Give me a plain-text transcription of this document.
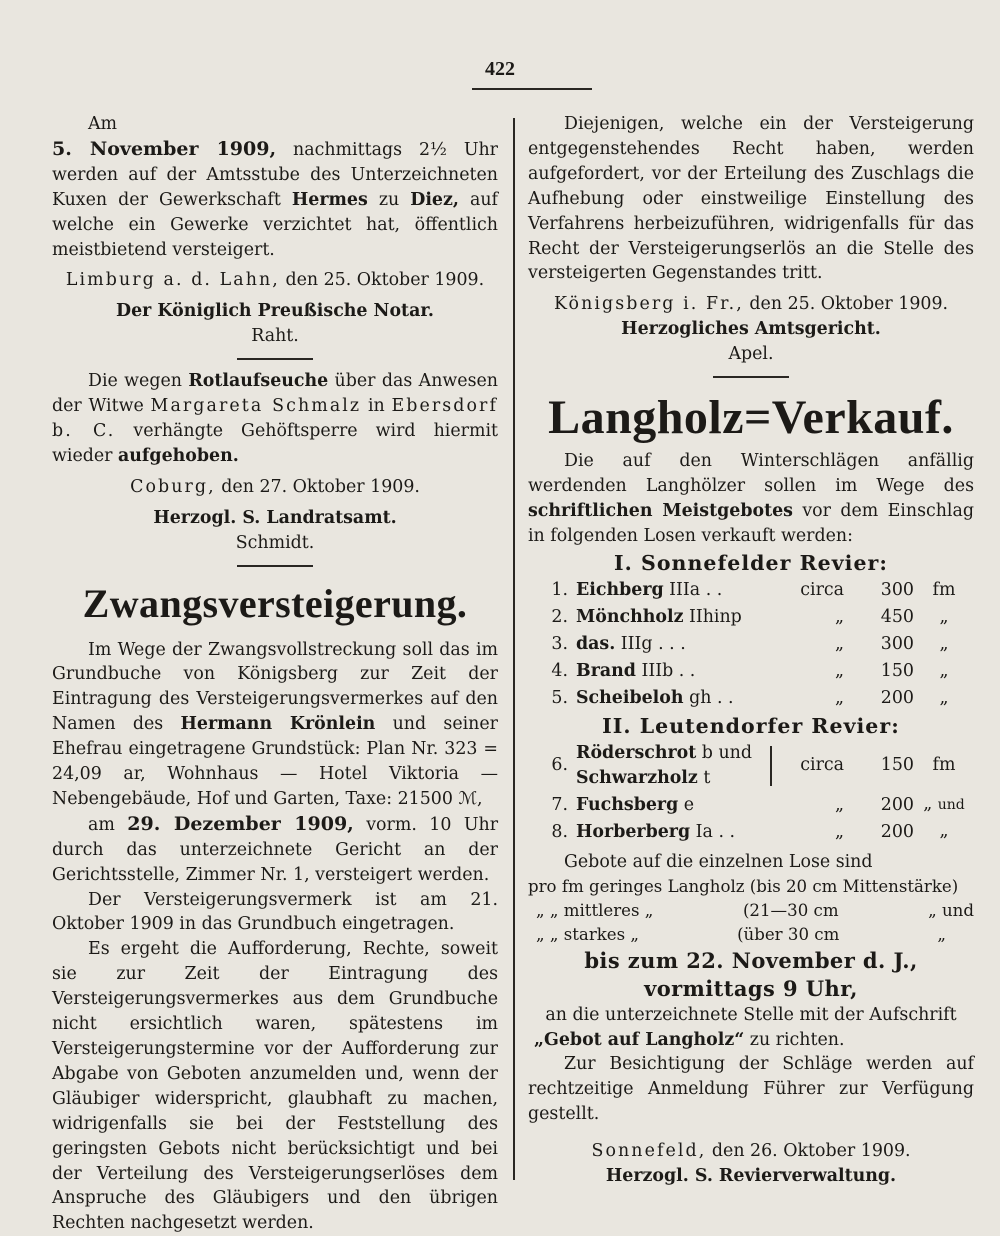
422

Am

5. November 1909, nachmittags 2½ Uhr werden auf der Amtsstube des Unterzeichneten Kuxen der Gewerkschaft Hermes zu Diez, auf welche ein Gewerke verzichtet hat, öffentlich meistbietend versteigert.

Limburg a. d. Lahn, den 25. Oktober 1909.

Der Königlich Preußische Notar.

Raht.

Die wegen Rotlaufseuche über das Anwesen der Witwe Margareta Schmalz in Ebersdorf b. C. verhängte Gehöftsperre wird hiermit wieder aufgehoben.

Coburg, den 27. Oktober 1909.

Herzogl. S. Landratsamt.

Schmidt.

Zwangsversteigerung.

Im Wege der Zwangsvollstreckung soll das im Grundbuche von Königsberg zur Zeit der Eintragung des Versteigerungsvermerkes auf den Namen des Hermann Krönlein und seiner Ehefrau eingetragene Grundstück: Plan Nr. 323 = 24,09 ar, Wohnhaus — Hotel Viktoria — Nebengebäude, Hof und Garten, Taxe: 21500 ℳ,

am 29. Dezember 1909, vorm. 10 Uhr durch das unterzeichnete Gericht an der Gerichtsstelle, Zimmer Nr. 1, versteigert werden.

Der Versteigerungsvermerk ist am 21. Oktober 1909 in das Grundbuch eingetragen.

Es ergeht die Aufforderung, Rechte, soweit sie zur Zeit der Eintragung des Versteigerungsvermerkes aus dem Grundbuche nicht ersichtlich waren, spätestens im Versteigerungstermine vor der Aufforderung zur Abgabe von Geboten anzumelden und, wenn der Gläubiger widerspricht, glaubhaft zu machen, widrigenfalls sie bei der Feststellung des geringsten Gebots nicht berücksichtigt und bei der Verteilung des Versteigerungserlöses dem Anspruche des Gläubigers und den übrigen Rechten nachgesetzt werden.

Diejenigen, welche ein der Versteigerung entgegenstehendes Recht haben, werden aufgefordert, vor der Erteilung des Zuschlags die Aufhebung oder einstweilige Einstellung des Verfahrens herbeizuführen, widrigenfalls für das Recht der Versteigerungserlös an die Stelle des versteigerten Gegenstandes tritt.

Königsberg i. Fr., den 25. Oktober 1909.

Herzogliches Amtsgericht.

Apel.

Langholz=Verkauf.

Die auf den Winterschlägen anfällig werdenden Langhölzer sollen im Wege des schriftlichen Meistgebotes vor dem Einschlag in folgenden Losen verkauft werden:

I. Sonnefelder Revier:

1.	Eichberg IIIa . .		circa	300	fm
2.	Mönchholz IIhinp		„	450	„
3.	das. IIIg . . .		„	300	„
4.	Brand IIIb . .		„	150	„
5.	Scheibeloh gh . .		„	200	„

II. Leutendorfer Revier:

6.	Röderschrot b und
Schwarzholz t		circa	150	fm
7.	Fuchsberg e		„	200	„ und
8.	Horberberg Ia . .		„	200	„

Gebote auf die einzelnen Lose sind

pro fm geringes Langholz (bis 20 cm Mittenstärke)

„ „ mittleres „	(21—30 cm	„ und
„ „ starkes „	(über 30 cm	„

bis zum 22. November d. J.,

vormittags 9 Uhr,

an die unterzeichnete Stelle mit der Aufschrift

„Gebot auf Langholz“ zu richten.

Zur Besichtigung der Schläge werden auf rechtzeitige Anmeldung Führer zur Verfügung gestellt.

Sonnefeld, den 26. Oktober 1909.

Herzogl. S. Revierverwaltung.
